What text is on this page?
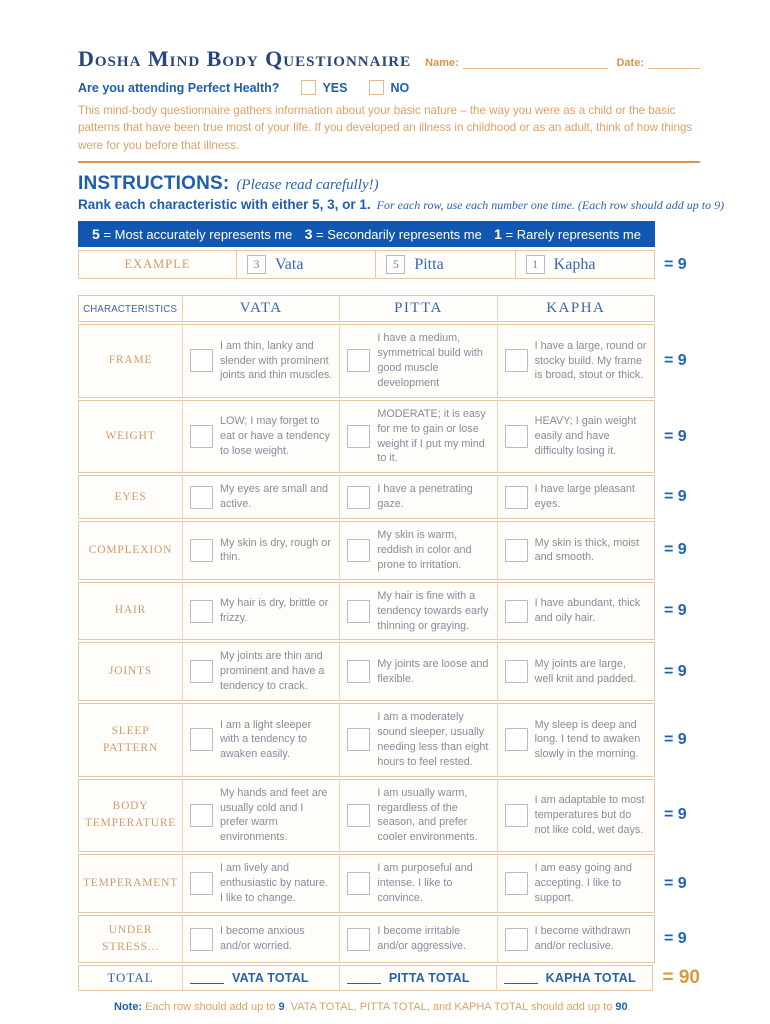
Dosha Mind Body Questionnaire Name:	Date:
Are you attending Perfect Health?	YES	NO
This mind-body questionnaire gathers information about your basic nature – the way you were as a child or the basic patterns that have been true most of your life. If you developed an illness in childhood or as an adult, think of how things were for you before that illness.
INSTRUCTIONS: (Please read carefully!)
Rank each characteristic with either 5, 3, or 1. For each row, use each number one time. (Each row should add up to 9)
5 = Most accurately represents me 3 = Secondarily represents me 1 = Rarely represents me
EXAMPLE	3 Vata	5 Pitta	1 Kapha	= 9
CHARACTERISTICS	VATA	PITTA	KAPHA
FRAME
I am thin, lanky and slender with prominent joints and thin muscles.
I have a medium, symmetrical build with good muscle development
I have a large, round or stocky build. My frame is broad, stout or thick.
= 9
WEIGHT
LOW; I may forget to eat or have a tendency to lose weight.
MODERATE; it is easy for me to gain or lose weight if I put my mind to it.
HEAVY; I gain weight easily and have difficulty losing it.
= 9
EYES
My eyes are small and active.
I have a penetrating gaze.
I have large pleasant eyes.	= 9
COMPLEXION
My skin is dry, rough or thin.
My skin is warm, reddish in color and prone to irritation.
My skin is thick, moist and smooth.	= 9
HAIR
My hair is dry, brittle or frizzy.
My hair is fine with a tendency towards early thinning or graying.
I have abundant, thick and oily hair.	= 9
JOINTS
My joints are thin and prominent and have a tendency to crack.
My joints are loose and flexible.
My joints are large, well knit and padded.	= 9
SLEEP PATTERN
I am a light sleeper with a tendency to awaken easily.
I am a moderately sound sleeper, usually needing less than eight hours to feel rested.
My sleep is deep and long. I tend to awaken slowly in the morning.
= 9
BODY TEMPERATURE
My hands and feet are usually cold and I prefer warm environments.
I am usually warm, regardless of the season, and prefer cooler environments.
I am adaptable to most temperatures but do not like cold, wet days.
= 9
TEMPERAMENT
I am lively and enthusiastic by nature. I like to change.
I am purposeful and intense. I like to convince.
I am easy going and accepting. I like to support.
= 9
UNDER STRESS...
I become anxious and/or worried.
I become irritable and/or aggressive.
I become withdrawn and/or reclusive.	= 9
TOTAL	VATA TOTAL	PITTA TOTAL	KAPHA TOTAL = 90
Note: Each row should add up to 9. VATA TOTAL, PITTA TOTAL, and KAPHA TOTAL should add up to 90.
